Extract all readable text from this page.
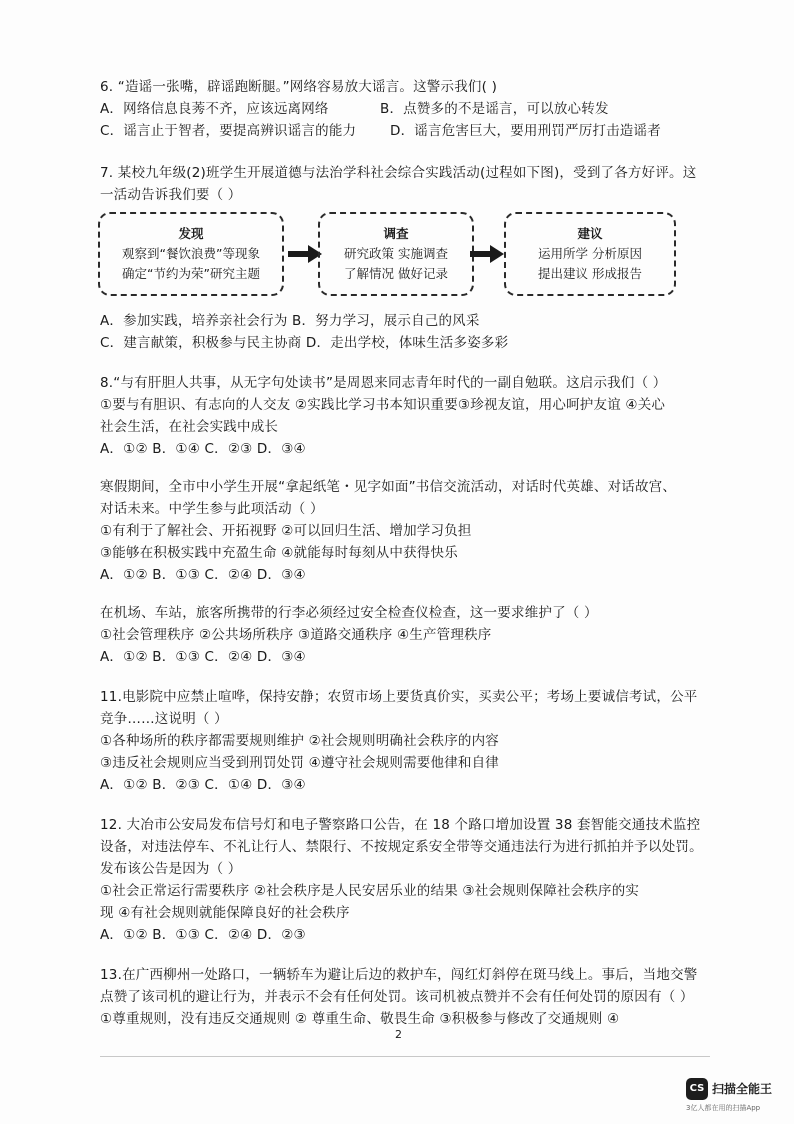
6. “造谣一张嘴，辟谣跑断腿。”网络容易放大谣言。这警示我们( )
A．网络信息良莠不齐，应该远离网络	B．点赞多的不是谣言，可以放心转发
C．谣言止于智者，要提高辨识谣言的能力	D．谣言危害巨大，要用刑罚严厉打击造谣者
7. 某校九年级(2)班学生开展道德与法治学科社会综合实践活动(过程如下图)，受到了各方好评。这
一活动告诉我们要（ ）
发现
观察到“餐饮浪费”等现象
确定“节约为荣”研究主题
调查
研究政策 实施调查
了解情况 做好记录
建议
运用所学 分析原因
提出建议 形成报告
A．参加实践，培养亲社会行为 B．努力学习，展示自己的风采
C．建言献策，积极参与民主协商 D．走出学校，体味生活多姿多彩
8.“与有肝胆人共事，从无字句处读书”是周恩来同志青年时代的一副自勉联。这启示我们（ ）
①要与有胆识、有志向的人交友 ②实践比学习书本知识重要③珍视友谊，用心呵护友谊 ④关心
社会生活，在社会实践中成长
A．①② B．①④ C．②③ D．③④
寒假期间，全市中小学生开展“拿起纸笔・见字如面”书信交流活动，对话时代英雄、对话故宫、
对话未来。中学生参与此项活动（ ）
①有利于了解社会、开拓视野 ②可以回归生活、增加学习负担
③能够在积极实践中充盈生命 ④就能每时每刻从中获得快乐
A．①② B．①③ C．②④ D．③④
在机场、车站，旅客所携带的行李必须经过安全检查仪检查，这一要求维护了（ ）
①社会管理秩序 ②公共场所秩序 ③道路交通秩序 ④生产管理秩序
A．①② B．①③ C．②④ D．③④
11.电影院中应禁止喧哗，保持安静；农贸市场上要货真价实，买卖公平；考场上要诚信考试，公平
竞争……这说明（ ）
①各种场所的秩序都需要规则维护 ②社会规则明确社会秩序的内容
③违反社会规则应当受到刑罚处罚 ④遵守社会规则需要他律和自律
A．①② B．②③ C．①④ D．③④
12. 大冶市公安局发布信号灯和电子警察路口公告，在 18 个路口增加设置 38 套智能交通技术监控
设备，对违法停车、不礼让行人、禁限行、不按规定系安全带等交通违法行为进行抓拍并予以处罚。
发布该公告是因为（ ）
①社会正常运行需要秩序 ②社会秩序是人民安居乐业的结果 ③社会规则保障社会秩序的实
现 ④有社会规则就能保障良好的社会秩序
A．①② B．①③ C．②④ D．②③
13.在广西柳州一处路口，一辆轿车为避让后边的救护车，闯红灯斜停在斑马线上。事后，当地交警
点赞了该司机的避让行为，并表示不会有任何处罚。该司机被点赞并不会有任何处罚的原因有（ ）
①尊重规则，没有违反交通规则 ② 尊重生命、敬畏生命 ③积极参与修改了交通规则 ④
2
CS 扫描全能王
3亿人都在用的扫描App
